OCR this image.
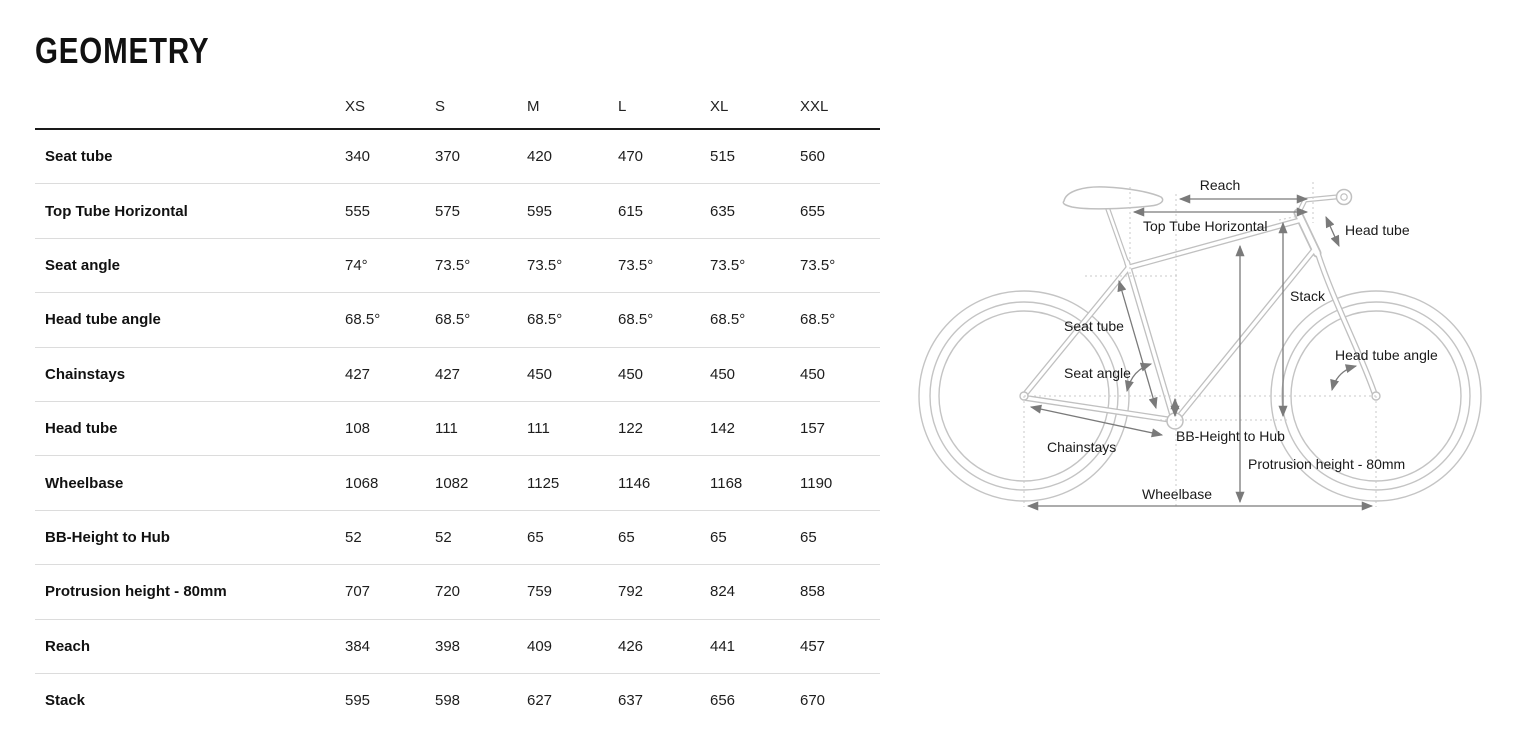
GEOMETRY
XS	S	M	L	XL	XXL
Seat tube	340	370	420	470	515	560
Top Tube Horizontal	555	575	595	615	635	655
Seat angle	74°	73.5°	73.5°	73.5°	73.5°	73.5°
Head tube angle	68.5°	68.5°	68.5°	68.5°	68.5°	68.5°
Chainstays	427	427	450	450	450	450
Head tube	108	111	111	122	142	157
Wheelbase	1068	1082	1125	1146	1168	1190
BB-Height to Hub	52	52	65	65	65	65
Protrusion height - 80mm	707	720	759	792	824	858
Reach	384	398	409	426	441	457
Stack	595	598	627	637	656	670
Reach
Top Tube Horizontal	Head tube
Stack
Seat tube
Seat angle
Head tube angle
Chainstays
BB-Height to Hub
Protrusion height - 80mm
Wheelbase
